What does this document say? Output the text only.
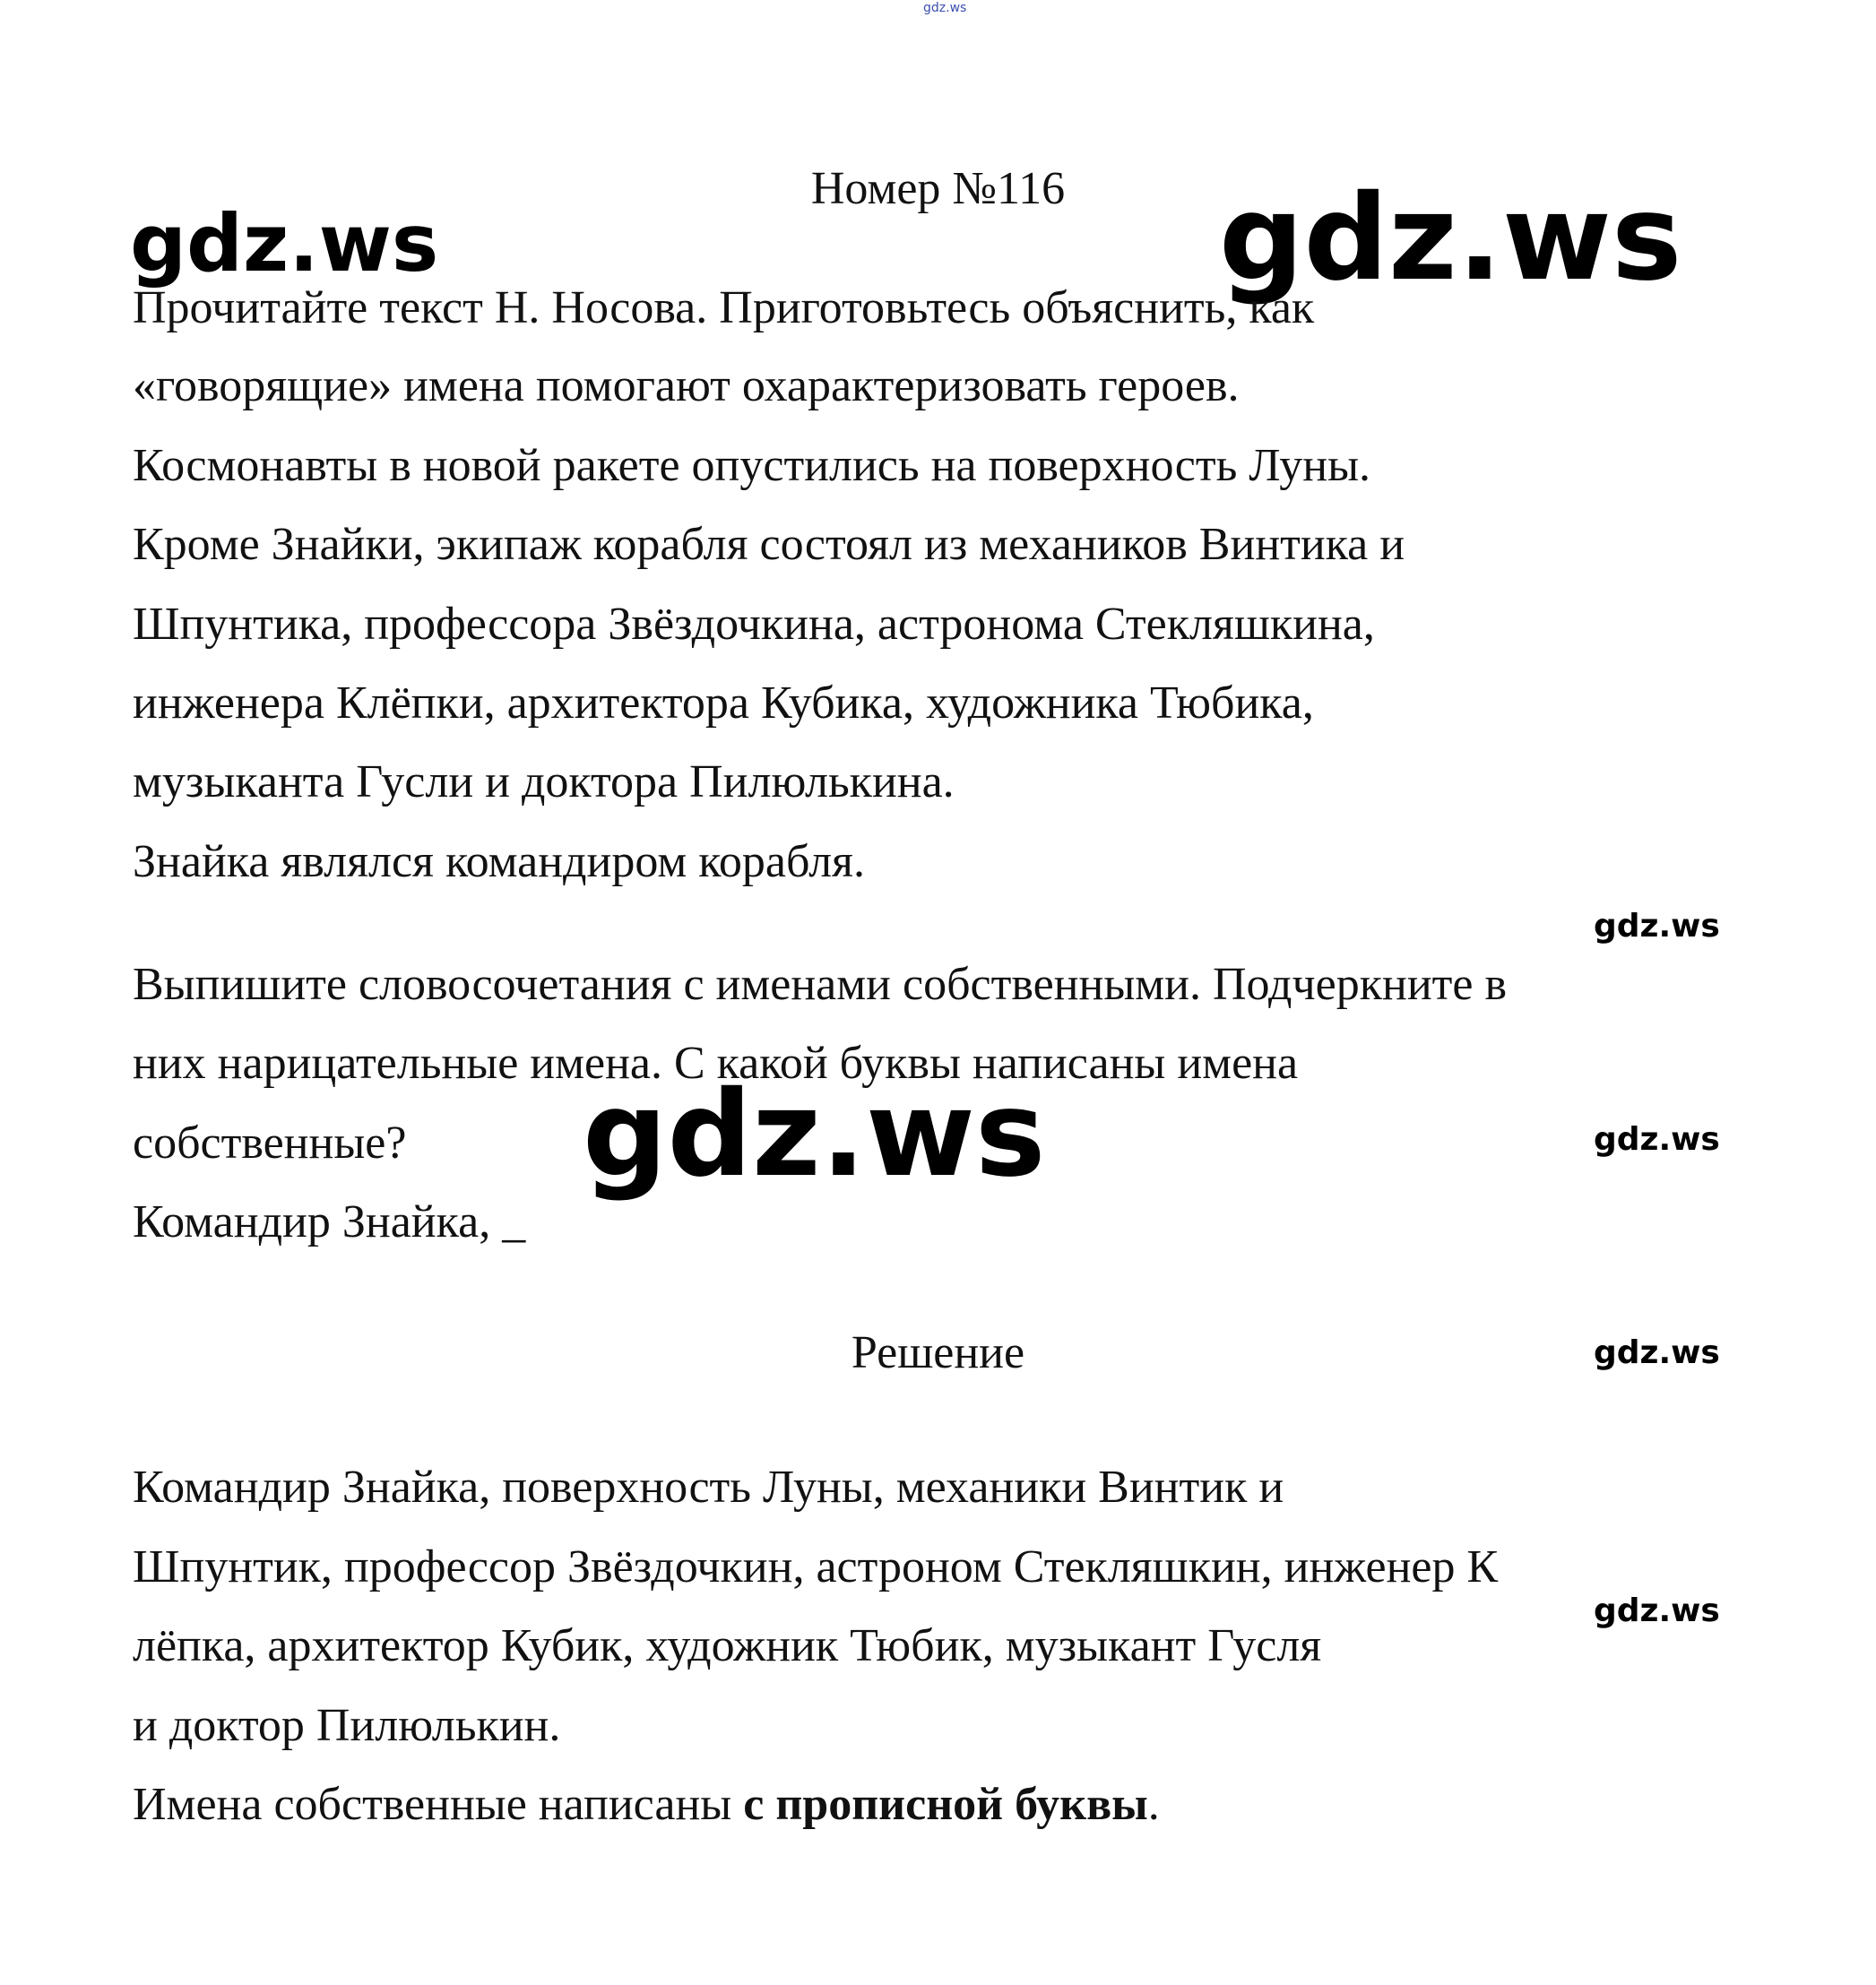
gdz.ws
gdz.ws	gdz.ws
gdz.ws
gdz.ws
gdz.ws
gdz.ws
gdz.ws
Номер №116
Прочитайте текст Н. Носова. Приготовьтесь объяснить, как
«говорящие» имена помогают охарактеризовать героев.
Космонавты в новой ракете опустились на поверхность Луны.
Кроме Знайки, экипаж корабля состоял из механиков Винтика и
Шпунтика, профессора Звёздочкина, астронома Стекляшкина,
инженера Клёпки, архитектора Кубика, художника Тюбика,
музыканта Гусли и доктора Пилюлькина.
Знайка являлся командиром корабля.
Выпишите словосочетания с именами собственными. Подчеркните в
них нарицательные имена. С какой буквы написаны имена
собственные?
Командир Знайка, _
Решение
Командир Знайка, поверхность Луны, механики Винтик и
Шпунтик, профессор Звёздочкин, астроном Стекляшкин, инженер К
лёпка, архитектор Кубик, художник Тюбик, музыкант Гусля
и доктор Пилюлькин.
Имена собственные написаны с прописной буквы.
